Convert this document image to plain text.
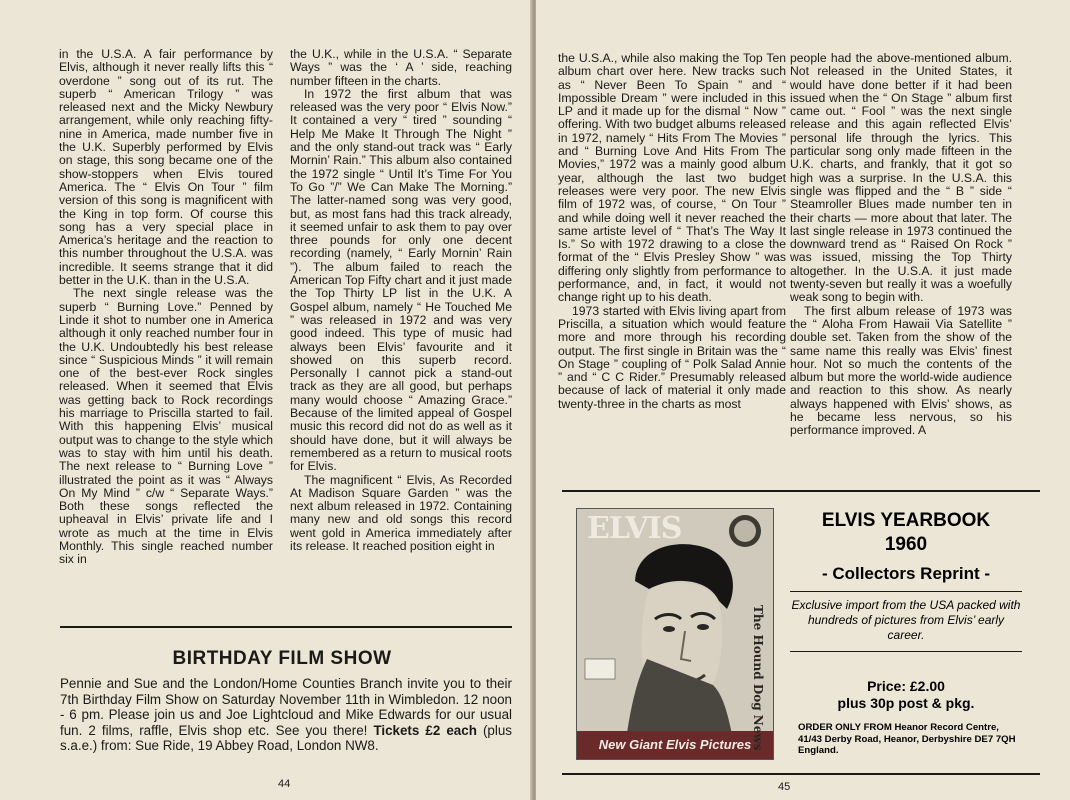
in the U.S.A. A fair performance by Elvis, although it never really lifts this “ overdone ” song out of its rut. The superb “ American Trilogy ” was released next and the Micky Newbury arrangement, while only reaching fifty-nine in America, made number five in the U.K. Superbly performed by Elvis on stage, this song became one of the show-stoppers when Elvis toured America. The “ Elvis On Tour ” film version of this song is magnificent with the King in top form. Of course this song has a very special place in America’s heritage and the reaction to this number throughout the U.S.A. was incredible. It seems strange that it did better in the U.K. than in the U.S.A.

The next single release was the superb “ Burning Love.” Penned by Linde it shot to number one in America although it only reached number four in the U.K. Undoubtedly his best release since “ Suspicious Minds ” it will remain one of the best-ever Rock singles released. When it seemed that Elvis was getting back to Rock recordings his marriage to Priscilla started to fail. With this happening Elvis’ musical output was to change to the style which was to stay with him until his death. The next release to “ Burning Love ” illustrated the point as it was “ Always On My Mind ” c/w “ Separate Ways.” Both these songs reflected the upheaval in Elvis’ private life and I wrote as much at the time in Elvis Monthly. This single reached number six in

the U.K., while in the U.S.A. “ Separate Ways ” was the ‘ A ’ side, reaching number fifteen in the charts.

In 1972 the first album that was released was the very poor “ Elvis Now.” It contained a very “ tired ” sounding “ Help Me Make It Through The Night ” and the only stand-out track was “ Early Mornin’ Rain.” This album also contained the 1972 single “ Until It’s Time For You To Go ”/” We Can Make The Morning.” The latter-named song was very good, but, as most fans had this track already, it seemed unfair to ask them to pay over three pounds for only one decent recording (namely, “ Early Mornin’ Rain ”). The album failed to reach the American Top Fifty chart and it just made the Top Thirty LP list in the U.K. A Gospel album, namely “ He Touched Me ” was released in 1972 and was very good indeed. This type of music had always been Elvis’ favourite and it showed on this superb record. Personally I cannot pick a stand-out track as they are all good, but perhaps many would choose “ Amazing Grace.” Because of the limited appeal of Gospel music this record did not do as well as it should have done, but it will always be remembered as a return to musical roots for Elvis.

The magnificent “ Elvis, As Recorded At Madison Square Garden ” was the next album released in 1972. Containing many new and old songs this record went gold in America immediately after its release. It reached position eight in

BIRTHDAY FILM SHOW
Pennie and Sue and the London/Home Counties Branch invite you to their 7th Birthday Film Show on Saturday November 11th in Wimbledon. 12 noon - 6 pm. Please join us and Joe Lightcloud and Mike Edwards for our usual fun. 2 films, raffle, Elvis shop etc. See you there! Tickets £2 each (plus s.a.e.) from: Sue Ride, 19 Abbey Road, London NW8.
44

the U.S.A., while also making the Top Ten album chart over here. New tracks such as “ Never Been To Spain ” and “ Impossible Dream ” were included in this LP and it made up for the dismal “ Now ” offering. With two budget albums released in 1972, namely “ Hits From The Movies ” and “ Burning Love And Hits From The Movies,” 1972 was a mainly good album year, although the last two budget releases were very poor. The new Elvis film of 1972 was, of course, “ On Tour ” and while doing well it never reached the same artiste level of “ That’s The Way It Is.” So with 1972 drawing to a close the format of the “ Elvis Presley Show ” was differing only slightly from performance to performance, and, in fact, it would not change right up to his death.

1973 started with Elvis living apart from Priscilla, a situation which would feature more and more through his recording output. The first single in Britain was the “ On Stage ” coupling of “ Polk Salad Annie ” and “ C C Rider.” Presumably released because of lack of material it only made twenty-three in the charts as most

people had the above-mentioned album. Not released in the United States, it would have done better if it had been issued when the “ On Stage ” album first came out. “ Fool ” was the next single release and this again reflected Elvis’ personal life through the lyrics. This particular song only made fifteen in the U.K. charts, and frankly, that it got so high was a surprise. In the U.S.A. this single was flipped and the “ B ” side “ Steamroller Blues made number ten in their charts — more about that later. The last single release in 1973 continued the downward trend as “ Raised On Rock ” was issued, missing the Top Thirty altogether. In the U.S.A. it just made twenty-seven but really it was a woefully weak song to begin with.

The first album release of 1973 was the “ Aloha From Hawaii Via Satellite ” double set. Taken from the show of the same name this really was Elvis’ finest hour. Not so much the contents of the album but more the world-wide audience and reaction to this show. As nearly always happened with Elvis’ shows, as he became less nervous, so his performance improved. A

45
ELVIS
The Hound Dog News
New Giant Elvis Pictures
ELVIS YEARBOOK
1960
- Collectors Reprint -
Exclusive import from the USA packed with hundreds of pictures from Elvis’ early career.
Price: £2.00
plus 30p post & pkg.
ORDER ONLY FROM Heanor Record Centre, 41/43 Derby Road, Heanor, Derbyshire DE7 7QH England.
